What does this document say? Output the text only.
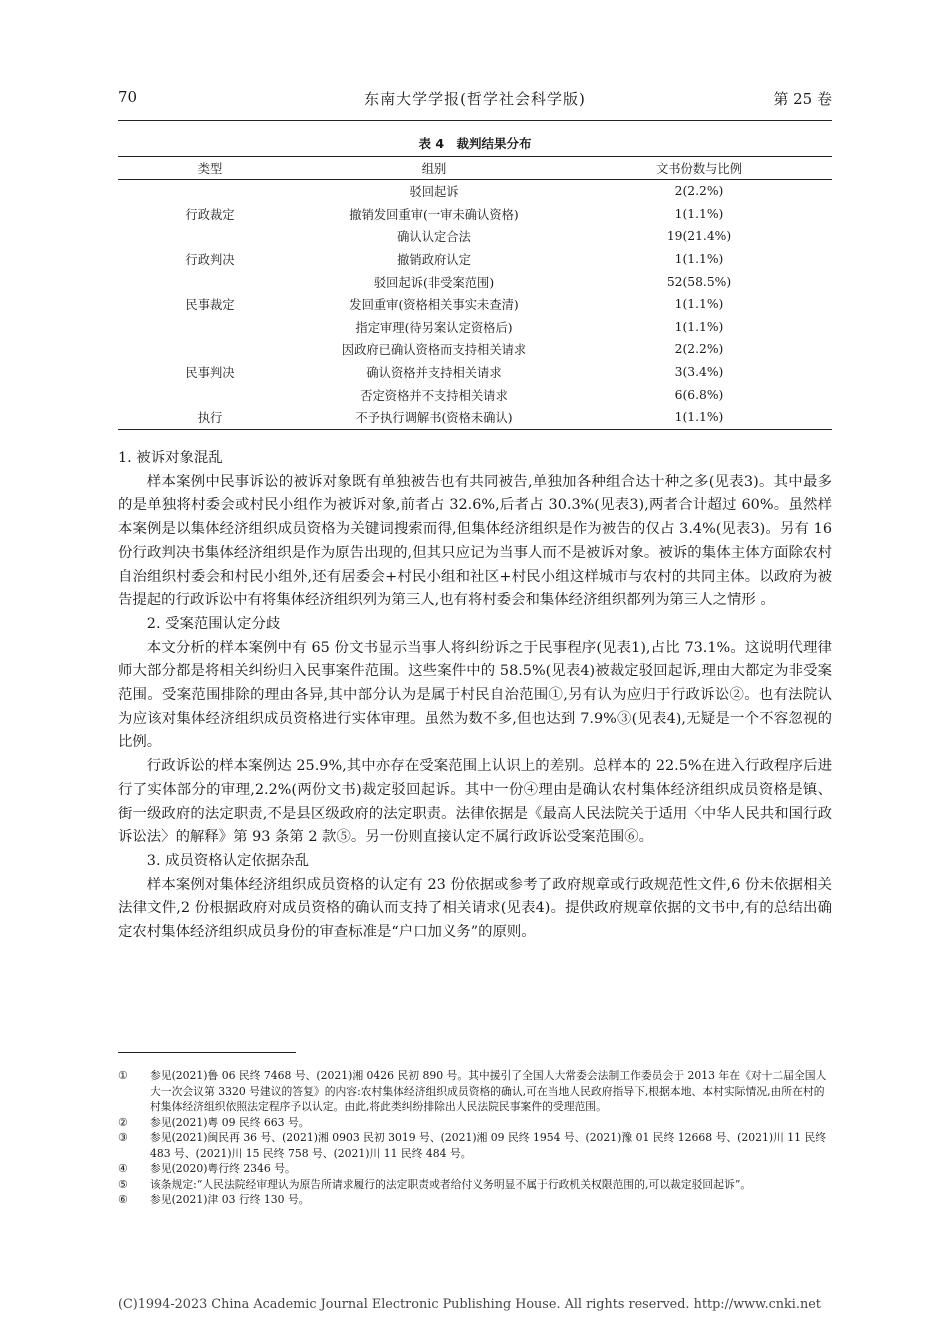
70	东南大学学报(哲学社会科学版)	第 25 卷
表 4　裁判结果分布
类型	组别	文书份数与比例
	驳回起诉	2(2.2%)
行政裁定	撤销发回重审(一审未确认资格)	1(1.1%)
	确认认定合法	19(21.4%)
行政判决	撤销政府认定	1(1.1%)
	驳回起诉(非受案范围)	52(58.5%)
民事裁定	发回重审(资格相关事实未查清)	1(1.1%)
	指定审理(待另案认定资格后)	1(1.1%)
	因政府已确认资格而支持相关请求	2(2.2%)
民事判决	确认资格并支持相关请求	3(3.4%)
	否定资格并不支持相关请求	6(6.8%)
执行	不予执行调解书(资格未确认)	1(1.1%)

1. 被诉对象混乱

样本案例中民事诉讼的被诉对象既有单独被告也有共同被告,单独加各种组合达十种之多(见表3)。其中最多的是单独将村委会或村民小组作为被诉对象,前者占 32.6%,后者占 30.3%(见表3),两者合计超过 60%。虽然样本案例是以集体经济组织成员资格为关键词搜索而得,但集体经济组织是作为被告的仅占 3.4%(见表3)。另有 16 份行政判决书集体经济组织是作为原告出现的,但其只应记为当事人而不是被诉对象。被诉的集体主体方面除农村自治组织村委会和村民小组外,还有居委会+村民小组和社区+村民小组这样城市与农村的共同主体。以政府为被告提起的行政诉讼中有将集体经济组织列为第三人,也有将村委会和集体经济组织都列为第三人之情形 。

2. 受案范围认定分歧

本文分析的样本案例中有 65 份文书显示当事人将纠纷诉之于民事程序(见表1),占比 73.1%。这说明代理律师大部分都是将相关纠纷归入民事案件范围。这些案件中的 58.5%(见表4)被裁定驳回起诉,理由大都定为非受案范围。受案范围排除的理由各异,其中部分认为是属于村民自治范围①,另有认为应归于行政诉讼②。也有法院认为应该对集体经济组织成员资格进行实体审理。虽然为数不多,但也达到 7.9%③(见表4),无疑是一个不容忽视的比例。

行政诉讼的样本案例达 25.9%,其中亦存在受案范围上认识上的差别。总样本的 22.5%在进入行政程序后进行了实体部分的审理,2.2%(两份文书)裁定驳回起诉。其中一份④理由是确认农村集体经济组织成员资格是镇、街一级政府的法定职责,不是县区级政府的法定职责。法律依据是《最高人民法院关于适用〈中华人民共和国行政诉讼法〉的解释》第 93 条第 2 款⑤。另一份则直接认定不属行政诉讼受案范围⑥。

3. 成员资格认定依据杂乱

样本案例对集体经济组织成员资格的认定有 23 份依据或参考了政府规章或行政规范性文件,6 份未依据相关法律文件,2 份根据政府对成员资格的确认而支持了相关请求(见表4)。提供政府规章依据的文书中,有的总结出确定农村集体经济组织成员身份的审查标准是“户口加义务”的原则。

①	参见(2021)鲁 06 民终 7468 号、(2021)湘 0426 民初 890 号。其中援引了全国人大常委会法制工作委员会于 2013 年在《对十二届全国人大一次会议第 3320 号建议的答复》的内容:农村集体经济组织成员资格的确认,可在当地人民政府指导下,根据本地、本村实际情况,由所在村的村集体经济组织依照法定程序予以认定。由此,将此类纠纷排除出人民法院民事案件的受理范围。
②	参见(2021)粤 09 民终 663 号。
③	参见(2021)闽民再 36 号、(2021)湘 0903 民初 3019 号、(2021)湘 09 民终 1954 号、(2021)豫 01 民终 12668 号、(2021)川 11 民终 483 号、(2021)川 15 民终 758 号、(2021)川 11 民终 484 号。
④	参见(2020)粤行终 2346 号。
⑤	该条规定:“人民法院经审理认为原告所请求履行的法定职责或者给付义务明显不属于行政机关权限范围的,可以裁定驳回起诉”。
⑥	参见(2021)津 03 行终 130 号。
(C)1994-2023 China Academic Journal Electronic Publishing House. All rights reserved. http://www.cnki.net
